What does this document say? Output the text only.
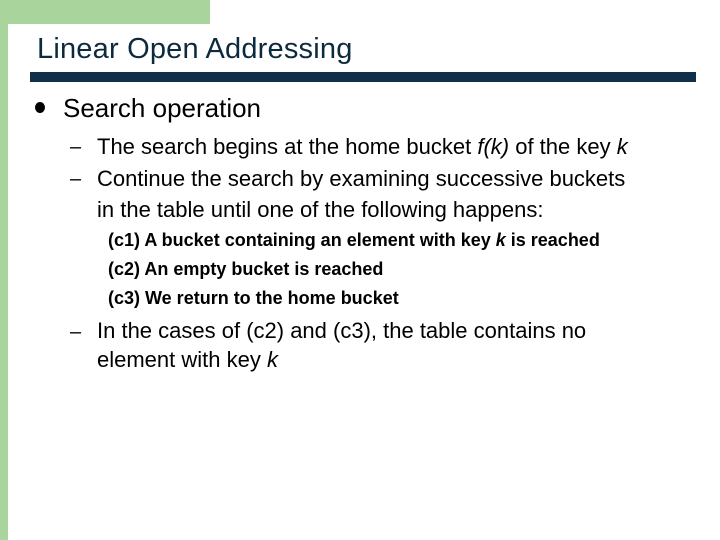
Linear Open Addressing
Search operation
– The search begins at the home bucket f(k) of the key k
– Continue the search by examining successive buckets
in the table until one of the following happens:
(c1) A bucket containing an element with key k is reached
(c2) An empty bucket is reached
(c3) We return to the home bucket
– In the cases of (c2) and (c3), the table contains no
element with key k
